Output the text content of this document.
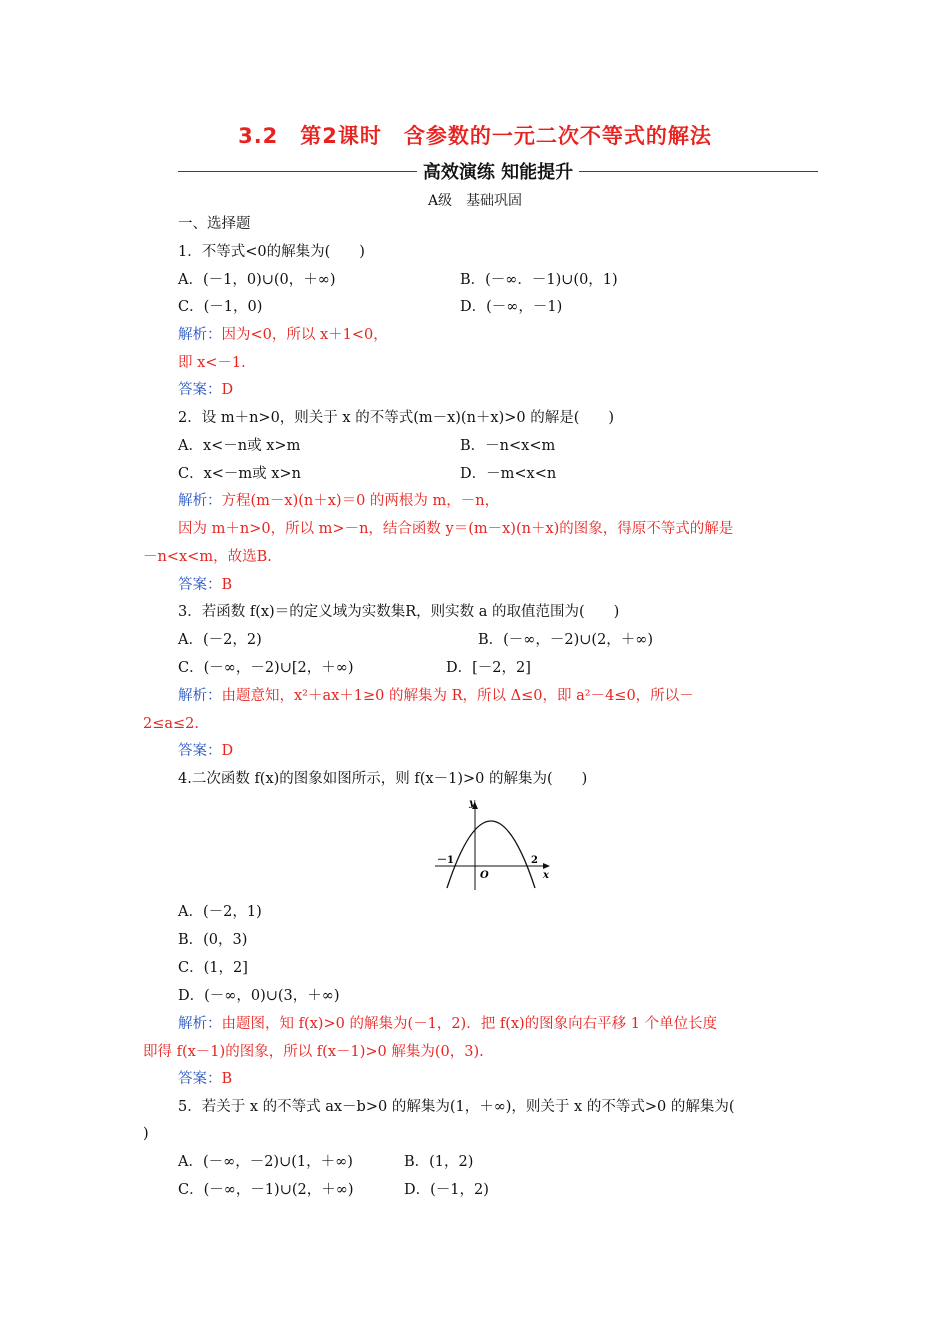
3.2　第2课时　含参数的一元二次不等式的解法
高效演练 知能提升
A级　基础巩固
一、选择题
1．不等式<0的解集为(　　)
A．(－1，0)∪(0，＋∞)	B．(－∞．－1)∪(0，1)
C．(－1，0)	D．(－∞，－1)
解析：因为<0，所以 x＋1<0，
即 x<－1.
答案：D
2．设 m＋n>0，则关于 x 的不等式(m－x)(n＋x)>0 的解是(　　)
A．x<－n或 x>m	B．－n<x<m
C．x<－m或 x>n	D．－m<x<n
解析：方程(m－x)(n＋x)＝0 的两根为 m，－n，
因为 m＋n>0，所以 m>－n，结合函数 y＝(m－x)(n＋x)的图象，得原不等式的解是
－n<x<m，故选B.
答案：B
3．若函数 f(x)＝的定义域为实数集R，则实数 a 的取值范围为(　　)
A．(－2，2)	B．(－∞，－2)∪(2，＋∞)
C．(－∞，－2)∪[2，＋∞)	D．[－2，2]
解析：由题意知，x²＋ax＋1≥0 的解集为 R，所以 Δ≤0，即 a²－4≤0，所以－
2≤a≤2.
答案：D
4.二次函数 f(x)的图象如图所示，则 f(x－1)>0 的解集为(　　)
y
x
O
－1	2
A．(－2，1)
B．(0，3)
C．(1，2]
D．(－∞，0)∪(3，＋∞)
解析：由题图，知 f(x)>0 的解集为(－1，2)．把 f(x)的图象向右平移 1 个单位长度
即得 f(x－1)的图象，所以 f(x－1)>0 解集为(0，3).
答案：B
5．若关于 x 的不等式 ax－b>0 的解集为(1，＋∞)，则关于 x 的不等式>0 的解集为(
)
A．(－∞，－2)∪(1，＋∞)	B．(1，2)
C．(－∞，－1)∪(2，＋∞)	D．(－1，2)
